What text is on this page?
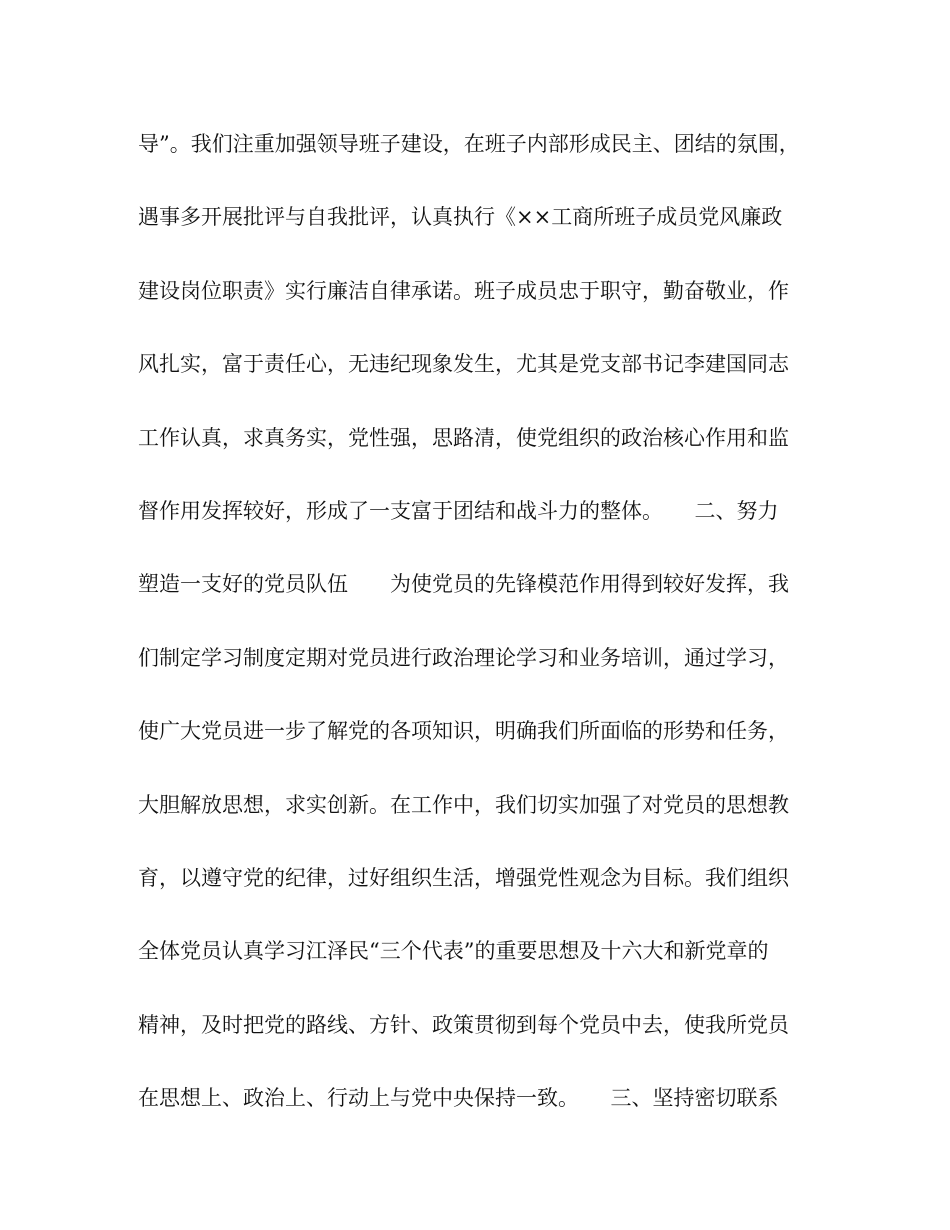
导”。我们注重加强领导班子建设，在班子内部形成民主、团结的氛围，
遇事多开展批评与自我批评，认真执行《××工商所班子成员党风廉政
建设岗位职责》实行廉洁自律承诺。班子成员忠于职守，勤奋敬业，作
风扎实，富于责任心，无违纪现象发生，尤其是党支部书记李建国同志
工作认真，求真务实，党性强，思路清，使党组织的政治核心作用和监
督作用发挥较好，形成了一支富于团结和战斗力的整体。　　二、努力
塑造一支好的党员队伍　　为使党员的先锋模范作用得到较好发挥，我
们制定学习制度定期对党员进行政治理论学习和业务培训，通过学习，
使广大党员进一步了解党的各项知识，明确我们所面临的形势和任务，
大胆解放思想，求实创新。在工作中，我们切实加强了对党员的思想教
育，以遵守党的纪律，过好组织生活，增强党性观念为目标。我们组织
全体党员认真学习江泽民“三个代表”的重要思想及十六大和新党章的
精神，及时把党的路线、方针、政策贯彻到每个党员中去，使我所党员
在思想上、政治上、行动上与党中央保持一致。　　三、坚持密切联系
